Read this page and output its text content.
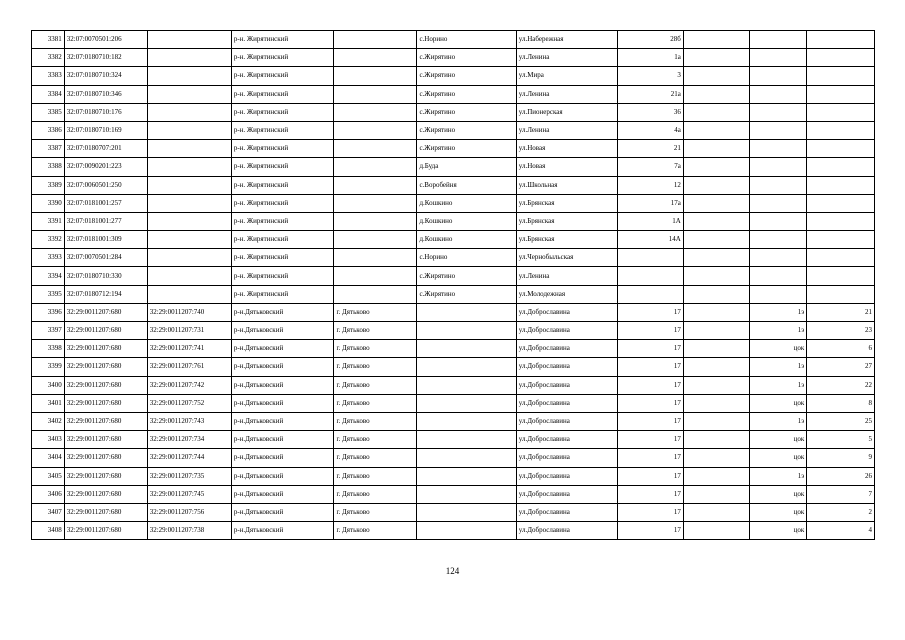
3381	32:07:0070501:206		р-н. Жирятинский		с.Норино	ул.Набережная	28б			
3382	32:07:0180710:182		р-н. Жирятинский		с.Жирятино	ул.Ленина	1а			
3383	32:07:0180710:324		р-н. Жирятинский		с.Жирятино	ул.Мира	3			
3384	32:07:0180710:346		р-н. Жирятинский		с.Жирятино	ул.Ленина	21а			
3385	32:07:0180710:176		р-н. Жирятинский		с.Жирятино	ул.Пионерская	36			
3386	32:07:0180710:169		р-н. Жирятинский		с.Жирятино	ул.Ленина	4а			
3387	32:07:0180707:201		р-н. Жирятинский		с.Жирятино	ул.Новая	21			
3388	32:07:0090201:223		р-н. Жирятинский		д.Буда	ул.Новая	7а			
3389	32:07:0060501:250		р-н. Жирятинский		с.Воробейня	ул.Школьная	12			
3390	32:07:0181001:257		р-н. Жирятинский		д.Кошкино	ул.Брянская	17а			
3391	32:07:0181001:277		р-н. Жирятинский		д.Кошкино	ул.Брянская	1А			
3392	32:07:0181001:309		р-н. Жирятинский		д.Кошкино	ул.Брянская	14А			
3393	32:07:0070501:284		р-н. Жирятинский		с.Норино	ул.Чернобыльская				
3394	32:07:0180710:330		р-н. Жирятинский		с.Жирятино	ул.Ленина				
3395	32:07:0180712:194		р-н. Жирятинский		с.Жирятино	ул.Молодежная				
3396	32:29:0011207:680	32:29:0011207:740	р-н.Дятьковский	г. Дятьково		ул.Доброславина	17		1э	21
3397	32:29:0011207:680	32:29:0011207:731	р-н.Дятьковский	г. Дятьково		ул.Доброславина	17		1э	23
3398	32:29:0011207:680	32:29:0011207:741	р-н.Дятьковский	г. Дятьково		ул.Доброславина	17		цок	6
3399	32:29:0011207:680	32:29:0011207:761	р-н.Дятьковский	г. Дятьково		ул.Доброславина	17		1э	27
3400	32:29:0011207:680	32:29:0011207:742	р-н.Дятьковский	г. Дятьково		ул.Доброславина	17		1э	22
3401	32:29:0011207:680	32:29:0011207:752	р-н.Дятьковский	г. Дятьково		ул.Доброславина	17		цок	8
3402	32:29:0011207:680	32:29:0011207:743	р-н.Дятьковский	г. Дятьково		ул.Доброславина	17		1э	25
3403	32:29:0011207:680	32:29:0011207:734	р-н.Дятьковский	г. Дятьково		ул.Доброславина	17		цок	5
3404	32:29:0011207:680	32:29:0011207:744	р-н.Дятьковский	г. Дятьково		ул.Доброславина	17		цок	9
3405	32:29:0011207:680	32:29:0011207:735	р-н.Дятьковский	г. Дятьково		ул.Доброславина	17		1э	26
3406	32:29:0011207:680	32:29:0011207:745	р-н.Дятьковский	г. Дятьково		ул.Доброславина	17		цок	7
3407	32:29:0011207:680	32:29:0011207:756	р-н.Дятьковский	г. Дятьково		ул.Доброславина	17		цок	2
3408	32:29:0011207:680	32:29:0011207:738	р-н.Дятьковский	г. Дятьково		ул.Доброславина	17		цок	4
124
